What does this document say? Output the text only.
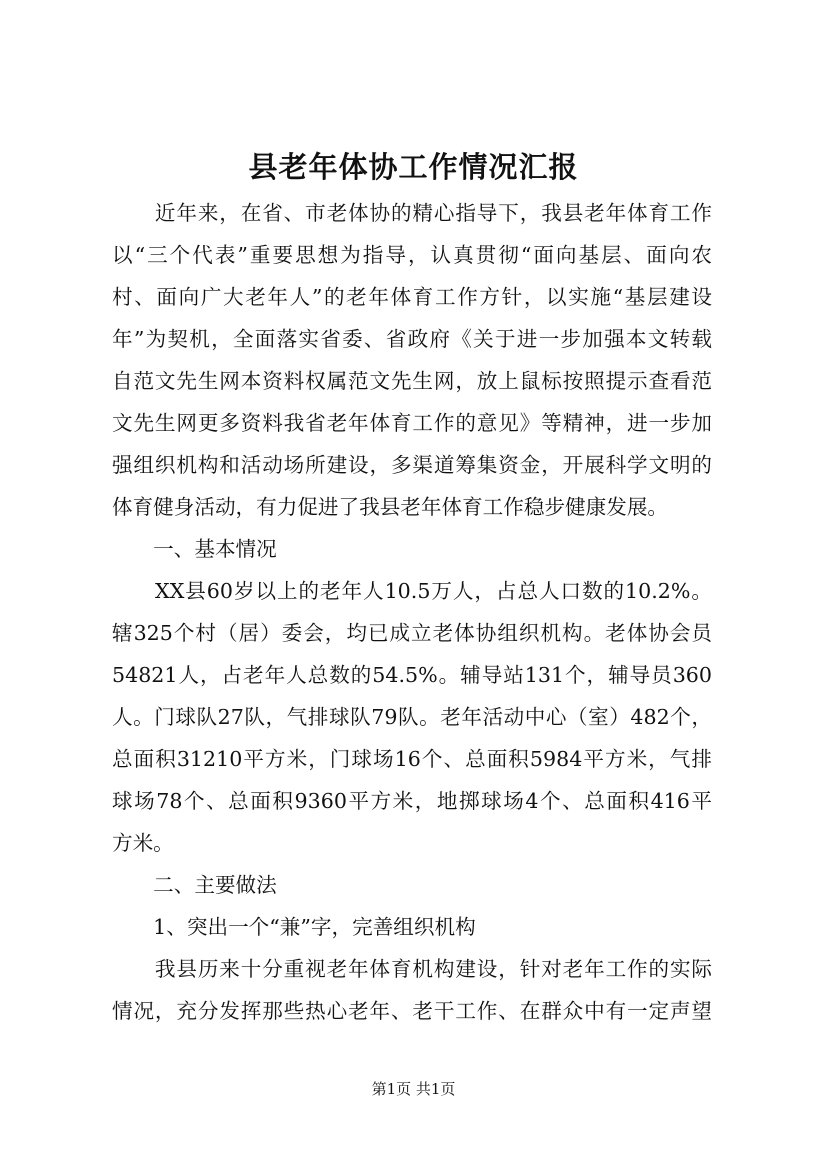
县老年体协工作情况汇报
　　近年来，在省、市老体协的精心指导下，我县老年体育工作
以“三个代表”重要思想为指导，认真贯彻“面向基层、面向农
村、面向广大老年人”的老年体育工作方针，以实施“基层建设
年”为契机，全面落实省委、省政府《关于进一步加强本文转载
自范文先生网本资料权属范文先生网，放上鼠标按照提示查看范
文先生网更多资料我省老年体育工作的意见》等精神，进一步加
强组织机构和活动场所建设，多渠道筹集资金，开展科学文明的
体育健身活动，有力促进了我县老年体育工作稳步健康发展。
　　一、基本情况
　　XX县60岁以上的老年人10.5万人，占总人口数的10.2%。
辖325个村（居）委会，均已成立老体协组织机构。老体协会员
54821人，占老年人总数的54.5%。辅导站131个，辅导员360
人。门球队27队，气排球队79队。老年活动中心（室）482个，
总面积31210平方米，门球场16个、总面积5984平方米，气排
球场78个、总面积9360平方米，地掷球场4个、总面积416平
方米。
　　二、主要做法
　　1、突出一个“兼”字，完善组织机构
　　我县历来十分重视老年体育机构建设，针对老年工作的实际
情况，充分发挥那些热心老年、老干工作、在群众中有一定声望
第1页 共1页
